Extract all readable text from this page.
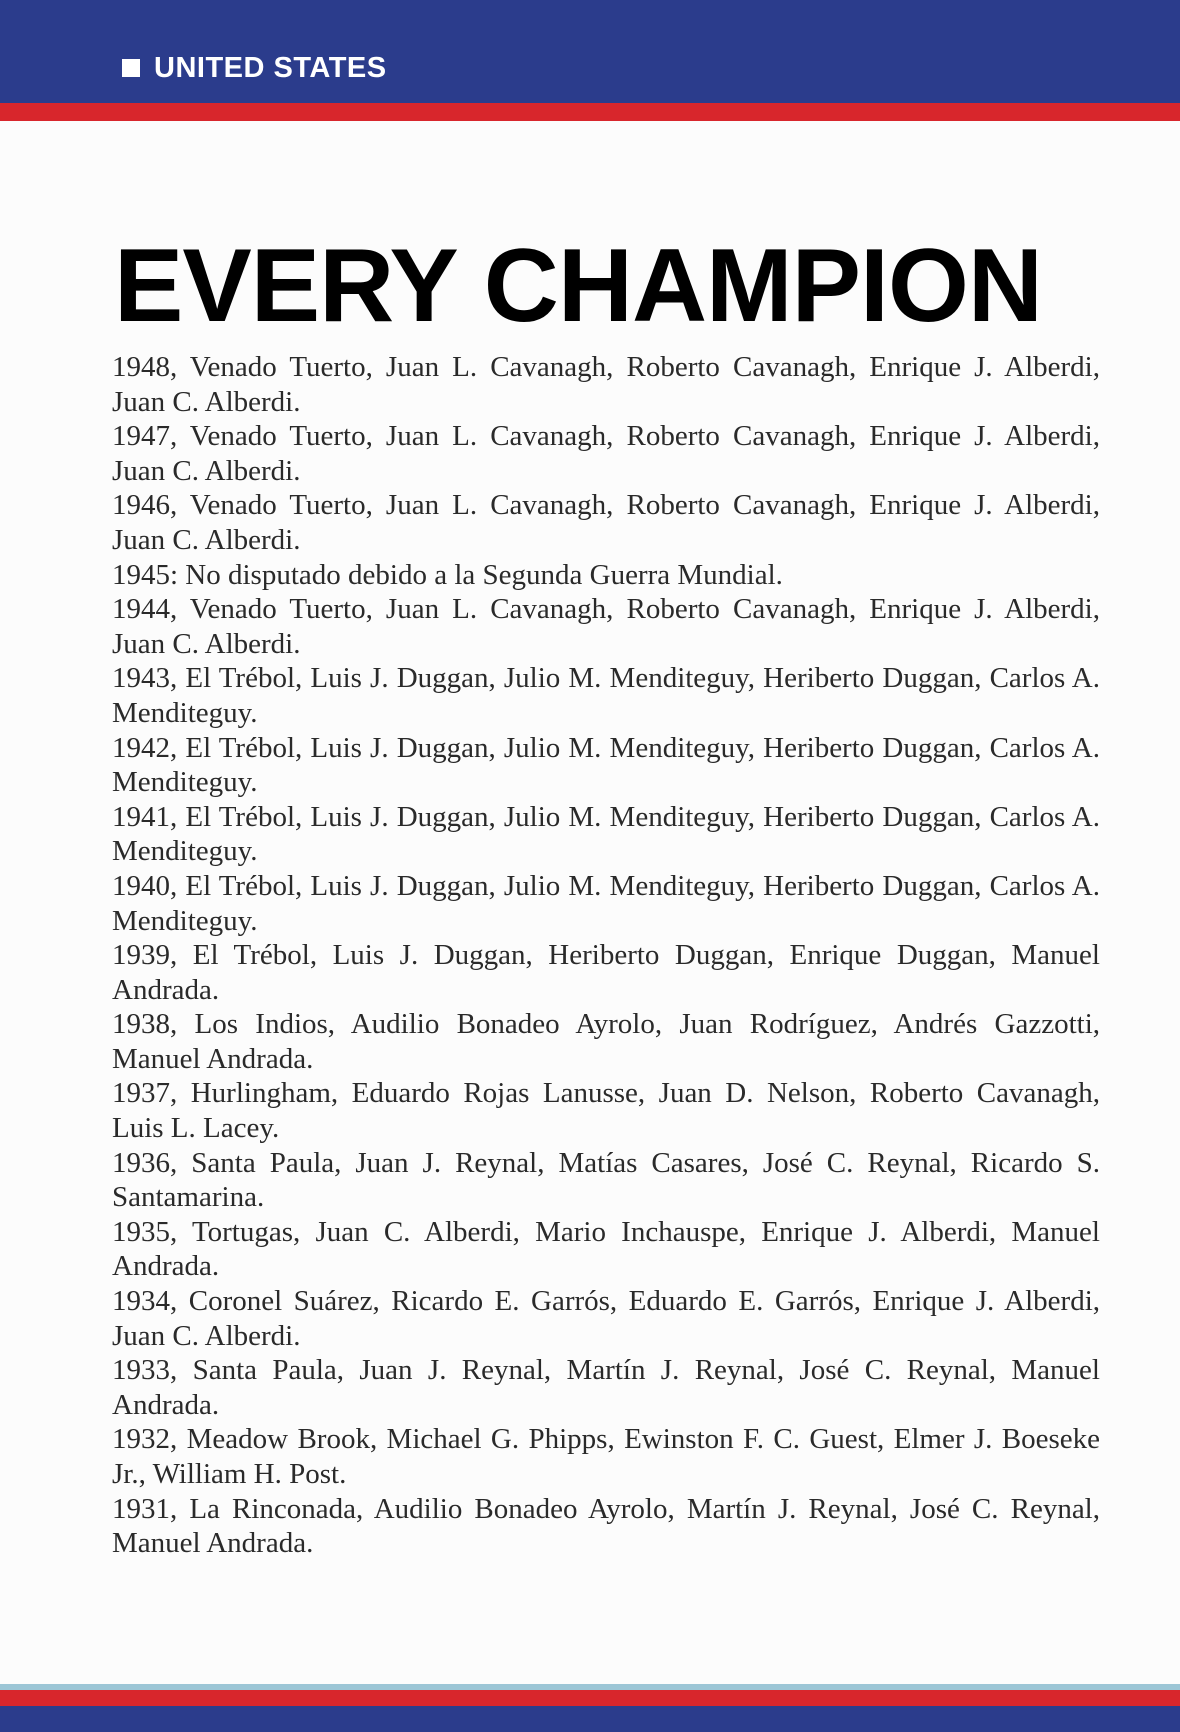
UNITED STATES
EVERY CHAMPION
1948, Venado Tuerto, Juan L. Cavanagh, Roberto Cavanagh, Enrique J. Alberdi, Juan C. Alberdi.
1947, Venado Tuerto, Juan L. Cavanagh, Roberto Cavanagh, Enrique J. Alberdi, Juan C. Alberdi.
1946, Venado Tuerto, Juan L. Cavanagh, Roberto Cavanagh, Enrique J. Alberdi, Juan C. Alberdi.
1945: No disputado debido a la Segunda Guerra Mundial.
1944, Venado Tuerto, Juan L. Cavanagh, Roberto Cavanagh, Enrique J. Alberdi, Juan C. Alberdi.
1943, El Trébol, Luis J. Duggan, Julio M. Menditeguy, Heriberto Duggan, Carlos A. Menditeguy.
1942, El Trébol, Luis J. Duggan, Julio M. Menditeguy, Heriberto Duggan, Carlos A. Menditeguy.
1941, El Trébol, Luis J. Duggan, Julio M. Menditeguy, Heriberto Duggan, Carlos A. Menditeguy.
1940, El Trébol, Luis J. Duggan, Julio M. Menditeguy, Heriberto Duggan, Carlos A. Menditeguy.
1939, El Trébol, Luis J. Duggan, Heriberto Duggan, Enrique Duggan, Manuel Andrada.
1938, Los Indios, Audilio Bonadeo Ayrolo, Juan Rodríguez, Andrés Gazzotti, Manuel Andrada.
1937, Hurlingham, Eduardo Rojas Lanusse, Juan D. Nelson, Roberto Cavanagh, Luis L. Lacey.
1936, Santa Paula, Juan J. Reynal, Matías Casares, José C. Reynal, Ricardo S. Santamarina.
1935, Tortugas, Juan C. Alberdi, Mario Inchauspe, Enrique J. Alberdi, Manuel Andrada.
1934, Coronel Suárez, Ricardo E. Garrós, Eduardo E. Garrós, Enrique J. Alberdi, Juan C. Alberdi.
1933, Santa Paula, Juan J. Reynal, Martín J. Reynal, José C. Reynal, Manuel Andrada.
1932, Meadow Brook, Michael G. Phipps, Ewinston F. C. Guest, Elmer J. Boeseke Jr., William H. Post.
1931, La Rinconada, Audilio Bonadeo Ayrolo, Martín J. Reynal, José C. Reynal, Manuel Andrada.
